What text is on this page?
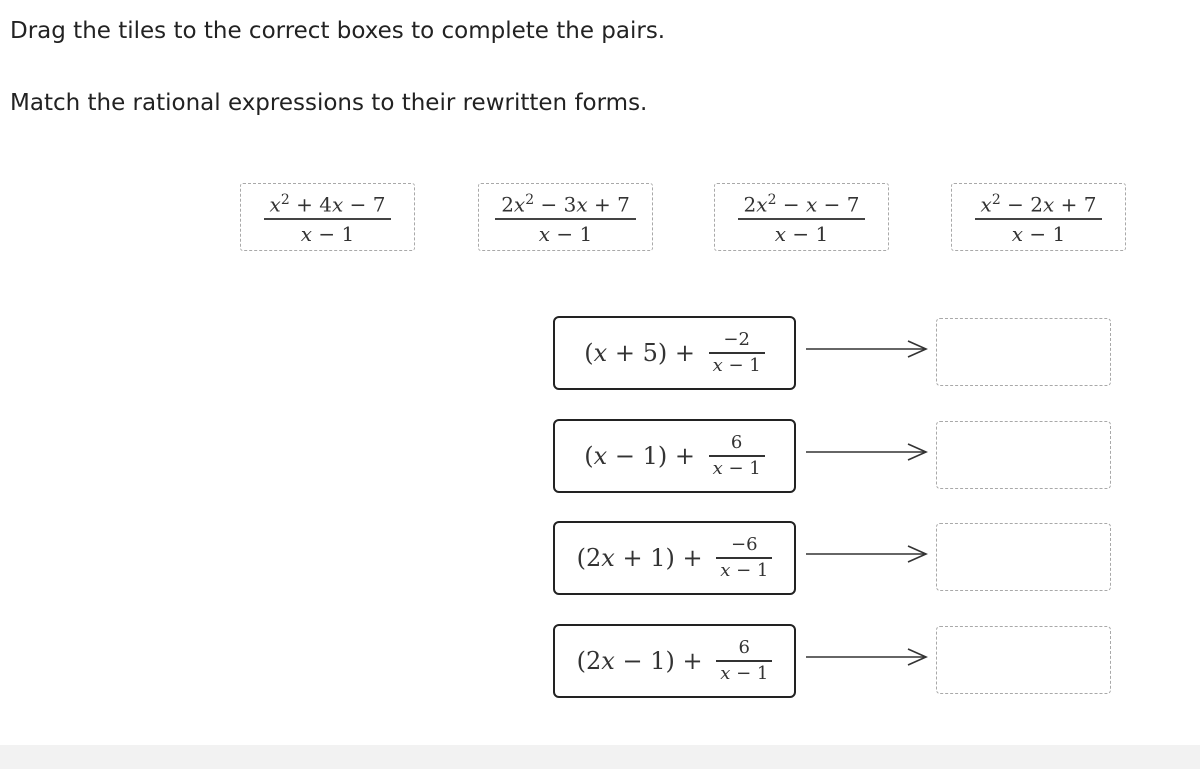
Drag the tiles to the correct boxes to complete the pairs.

Match the rational expressions to their rewritten forms.

$\frac{x^2 + 4x - 7}{x - 1}$	$\frac{2x^2 - 3x + 7}{x - 1}$	$\frac{2x^2 - x - 7}{x - 1}$	$\frac{x^2 - 2x + 7}{x - 1}$
$(x + 5) + \frac{-2}{x - 1}$
$(x - 1) + \frac{6}{x - 1}$
$(2x + 1) + \frac{-6}{x - 1}$
$(2x - 1) + \frac{6}{x - 1}$
